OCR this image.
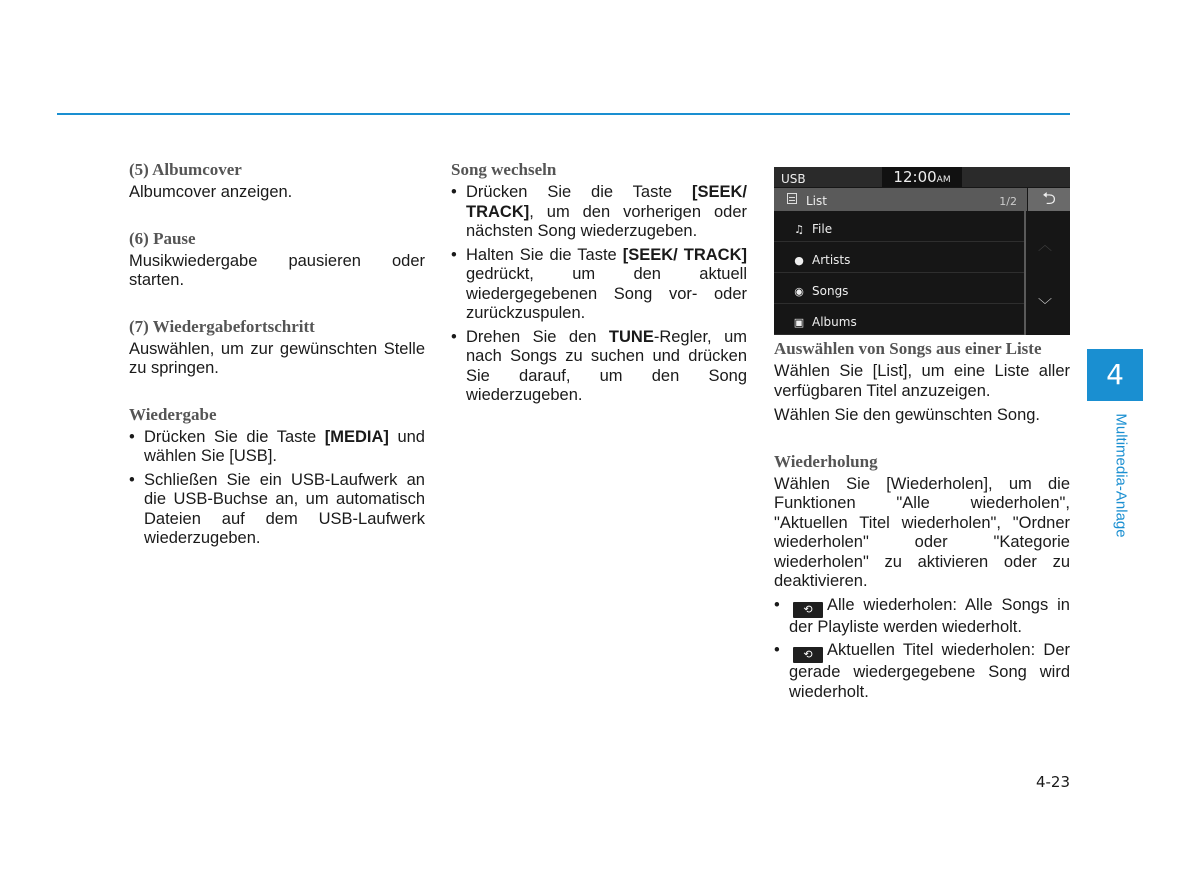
(5) Albumcover

Albumcover anzeigen.

(6) Pause

Musikwiedergabe pausieren oder starten.

(7) Wiedergabefortschritt

Auswählen, um zur gewünschten Stelle zu springen.

Wiedergabe
• Drücken Sie die Taste [MEDIA] und wählen Sie [USB].
• Schließen Sie ein USB-Laufwerk an die USB-Buchse an, um automatisch Dateien auf dem USB-Laufwerk wiederzugeben.
Song wechseln
• Drücken Sie die Taste [SEEK/ TRACK], um den vorherigen oder nächsten Song wiederzugeben.
• Halten Sie die Taste [SEEK/ TRACK] gedrückt, um den aktuell wiedergegebenen Song vor- oder zurückzuspulen.
• Drehen Sie den TUNE-Regler, um nach Songs zu suchen und drücken Sie darauf, um den Song wiederzugeben.
USB	12:00AM
List	1/2	⮌
♫ File
● Artists
◉ Songs
▣ Albums
︿
﹀
Auswählen von Songs aus einer Liste

Wählen Sie [List], um eine Liste aller verfügbaren Titel anzuzeigen.

Wählen Sie den gewünschten Song.

Wiederholung

Wählen Sie [Wiederholen], um die Funktionen "Alle wiederholen", "Aktuellen Titel wiederholen", "Ordner wiederholen" oder "Kategorie wiederholen" zu aktivieren oder zu deaktivieren.

• ⟲ Alle wiederholen: Alle Songs in der Playliste werden wiederholt.
• ⟲ Aktuellen Titel wiederholen: Der gerade wiedergegebene Song wird wiederholt.
4
Multimedia-Anlage
4-23
